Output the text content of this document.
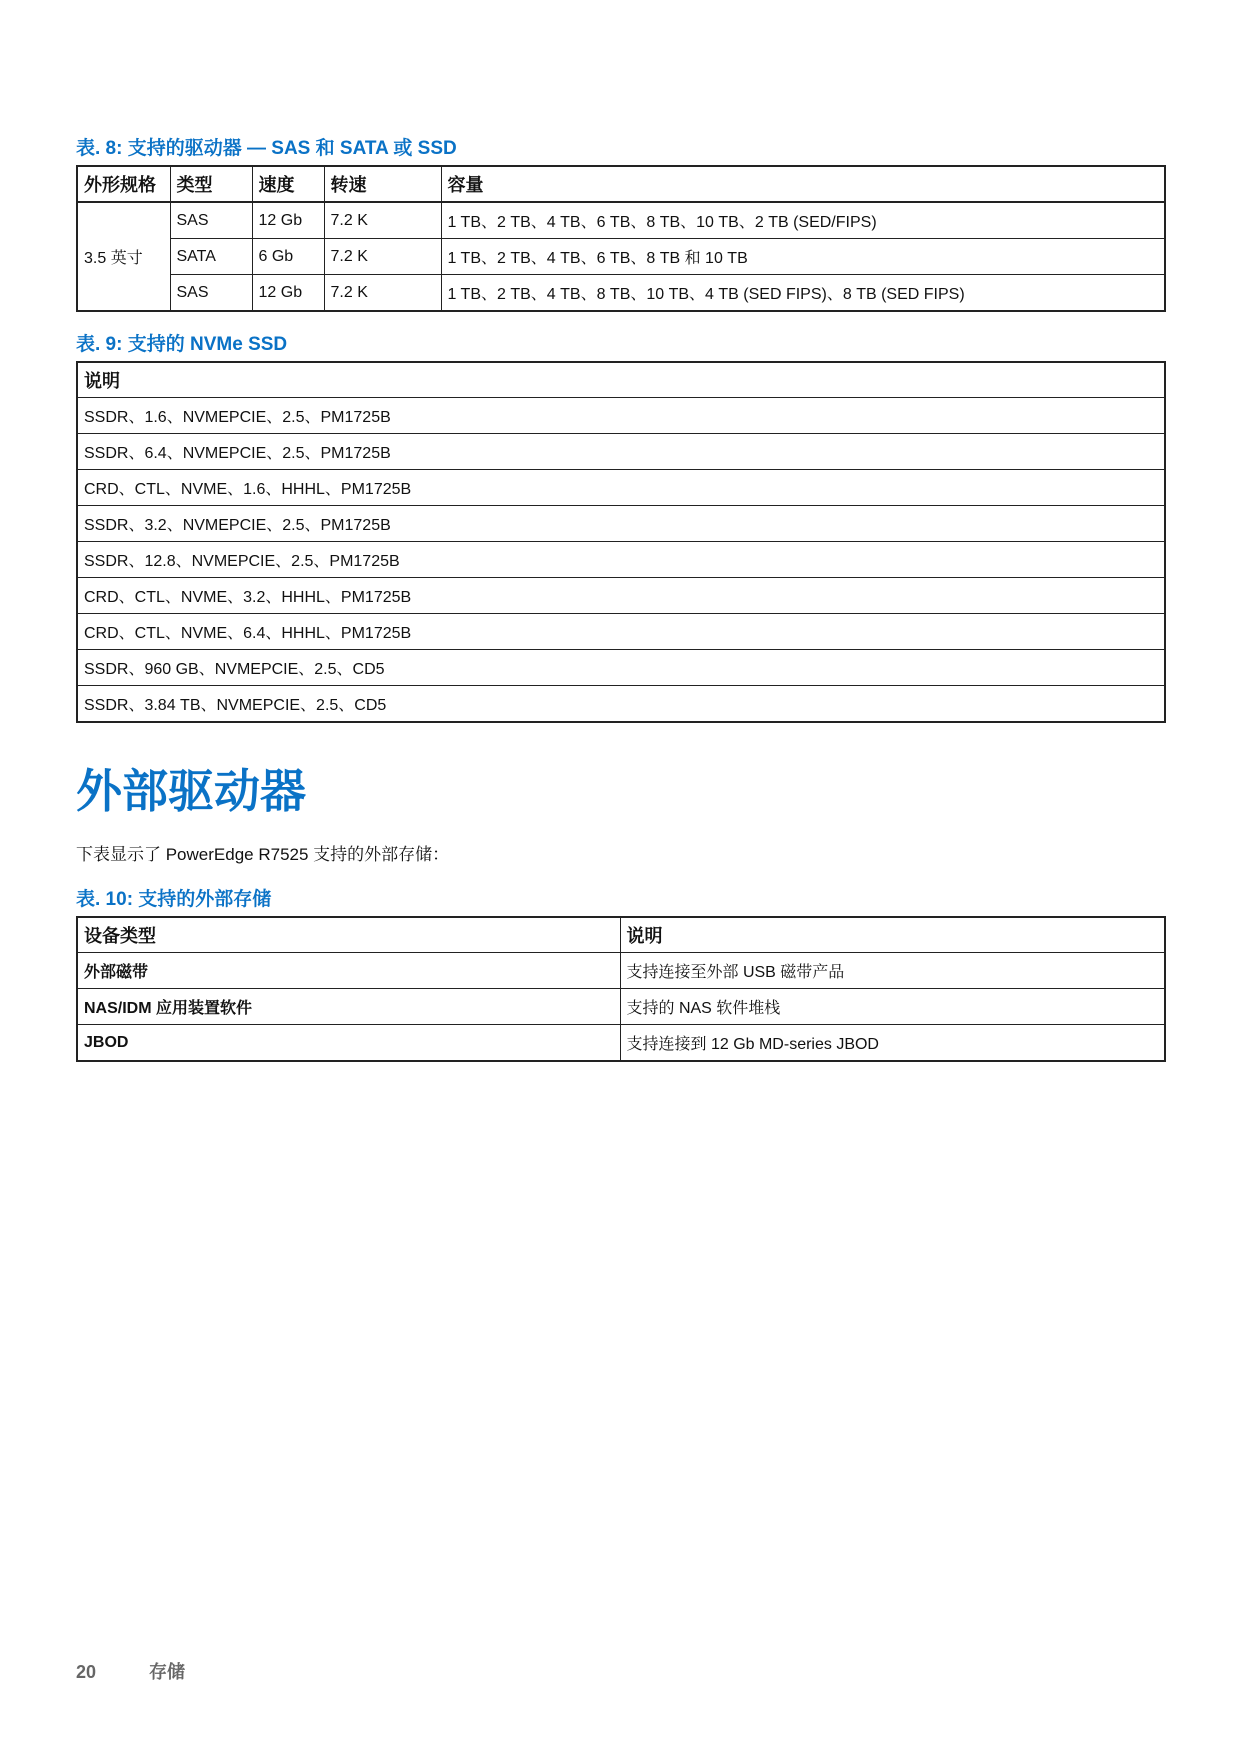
表. 8: 支持的驱动器 — SAS 和 SATA 或 SSD

外形规格	类型	速度	转速	容量
3.5 英寸	SAS	12 Gb	7.2 K	1 TB、2 TB、4 TB、6 TB、8 TB、10 TB、2 TB (SED/FIPS)
	SATA	6 Gb	7.2 K	1 TB、2 TB、4 TB、6 TB、8 TB 和 10 TB
	SAS	12 Gb	7.2 K	1 TB、2 TB、4 TB、8 TB、10 TB、4 TB (SED FIPS)、8 TB (SED FIPS)

表. 9: 支持的 NVMe SSD

说明
SSDR、1.6、NVMEPCIE、2.5、PM1725B
SSDR、6.4、NVMEPCIE、2.5、PM1725B
CRD、CTL、NVME、1.6、HHHL、PM1725B
SSDR、3.2、NVMEPCIE、2.5、PM1725B
SSDR、12.8、NVMEPCIE、2.5、PM1725B
CRD、CTL、NVME、3.2、HHHL、PM1725B
CRD、CTL、NVME、6.4、HHHL、PM1725B
SSDR、960 GB、NVMEPCIE、2.5、CD5
SSDR、3.84 TB、NVMEPCIE、2.5、CD5
外部驱动器

下表显示了 PowerEdge R7525 支持的外部存储：

表. 10: 支持的外部存储

设备类型	说明
外部磁带	支持连接至外部 USB 磁带产品
NAS/IDM 应用装置软件	支持的 NAS 软件堆栈
JBOD	支持连接到 12 Gb MD-series JBOD
20	存储
